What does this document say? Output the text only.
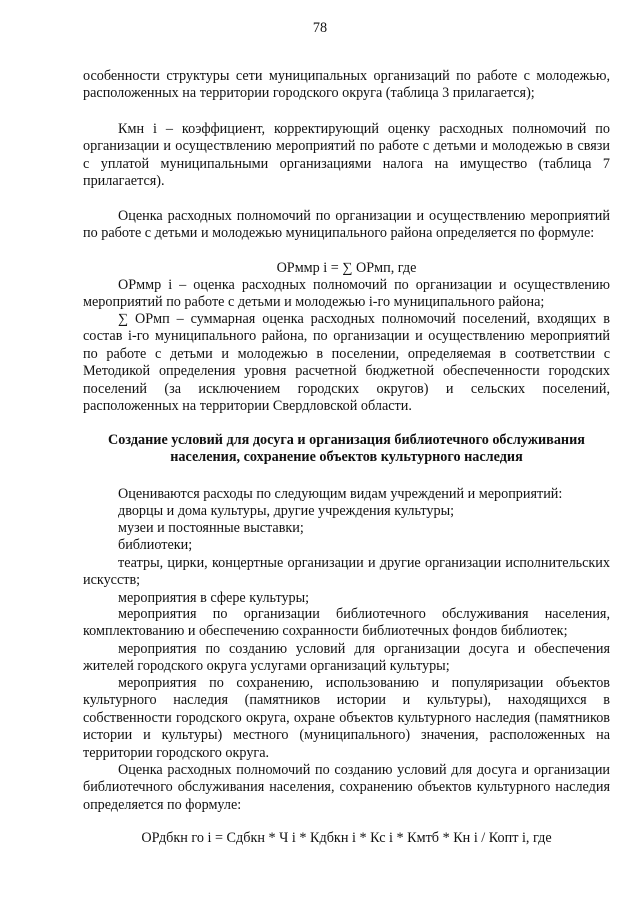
78

особенности структуры сети муниципальных организаций по работе с молодежью, расположенных на территории городского округа (таблица 3 прилагается);

Кмн i – коэффициент, корректирующий оценку расходных полномочий по организации и осуществлению мероприятий по работе с детьми и молодежью в связи с уплатой муниципальными организациями налога на имущество (таблица 7 прилагается).

Оценка расходных полномочий по организации и осуществлению мероприятий по работе с детьми и молодежью муниципального района определяется по формуле:

ОРммр i = ∑ ОРмп, где

ОРммр i – оценка расходных полномочий по организации и осуществлению мероприятий по работе с детьми и молодежью i-го муниципального района;

∑ ОРмп – суммарная оценка расходных полномочий поселений, входящих в состав i-го муниципального района, по организации и осуществлению мероприятий по работе с детьми и молодежью в поселении, определяемая в соответствии с Методикой определения уровня расчетной бюджетной обеспеченности городских поселений (за исключением городских округов) и сельских поселений, расположенных на территории Свердловской области.

Создание условий для досуга и организация библиотечного обслуживания
населения, сохранение объектов культурного наследия

Оцениваются расходы по следующим видам учреждений и мероприятий:

дворцы и дома культуры, другие учреждения культуры;

музеи и постоянные выставки;

библиотеки;

театры, цирки, концертные организации и другие организации исполнительских искусств;

мероприятия в сфере культуры;

мероприятия по организации библиотечного обслуживания населения, комплектованию и обеспечению сохранности библиотечных фондов библиотек;

мероприятия по созданию условий для организации досуга и обеспечения жителей городского округа услугами организаций культуры;

мероприятия по сохранению, использованию и популяризации объектов культурного наследия (памятников истории и культуры), находящихся в собственности городского округа, охране объектов культурного наследия (памятников истории и культуры) местного (муниципального) значения, расположенных на территории городского округа.

Оценка расходных полномочий по созданию условий для досуга и организации библиотечного обслуживания населения, сохранению объектов культурного наследия определяется по формуле:

ОРдбкн го i = Сдбкн * Ч i * Кдбкн i * Кс i * Кмтб * Кн i / Копт i, где
